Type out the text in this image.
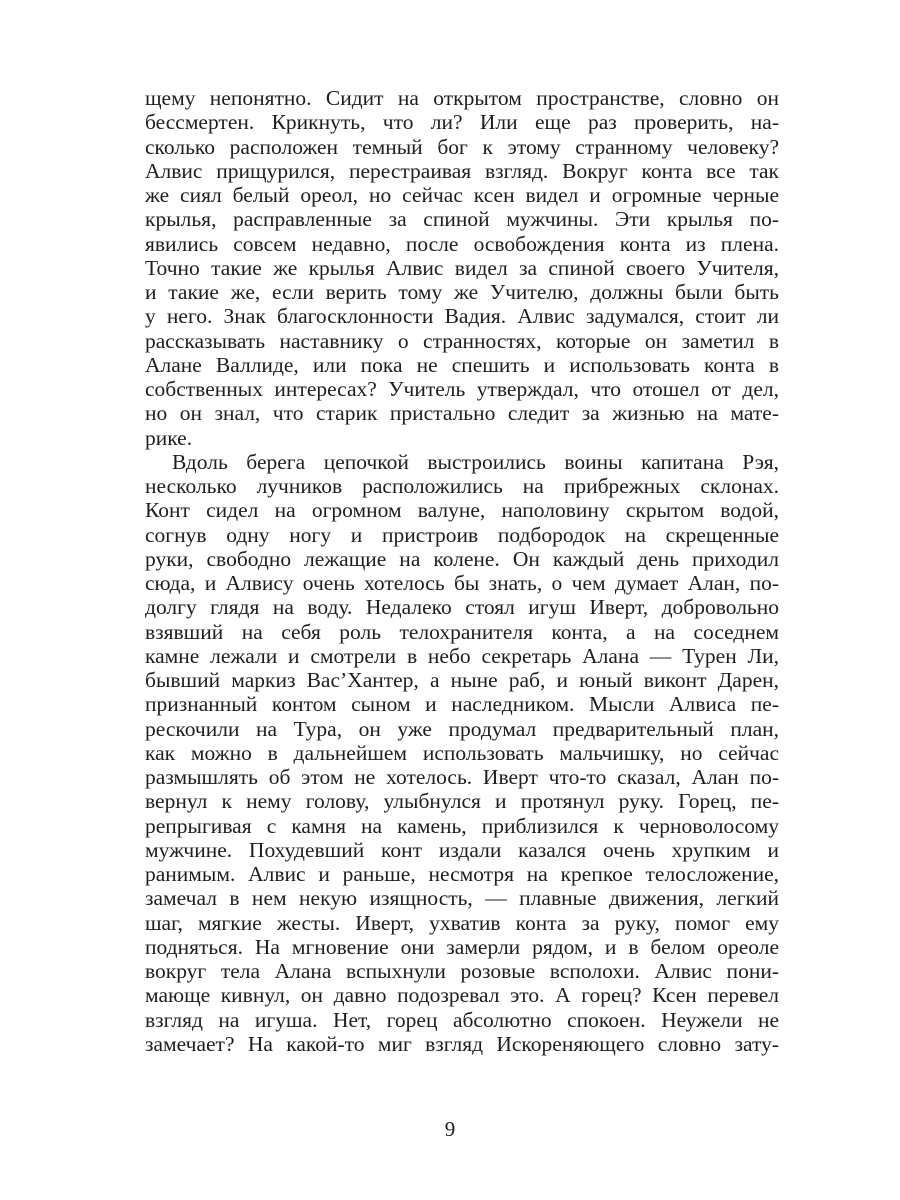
щему непонятно. Сидит на открытом пространстве, словно он
бессмертен. Крикнуть, что ли? Или еще раз проверить, на-
сколько расположен темный бог к этому странному человеку?
Алвис прищурился, перестраивая взгляд. Вокруг конта все так
же сиял белый ореол, но сейчас ксен видел и огромные черные
крылья, расправленные за спиной мужчины. Эти крылья по-
явились совсем недавно, после освобождения конта из плена.
Точно такие же крылья Алвис видел за спиной своего Учителя,
и такие же, если верить тому же Учителю, должны были быть
у него. Знак благосклонности Вадия. Алвис задумался, стоит ли
рассказывать наставнику о странностях, которые он заметил в
Алане Валлиде, или пока не спешить и использовать конта в
собственных интересах? Учитель утверждал, что отошел от дел,
но он знал, что старик пристально следит за жизнью на мате-
рике.
Вдоль берега цепочкой выстроились воины капитана Рэя,
несколько лучников расположились на прибрежных склонах.
Конт сидел на огромном валуне, наполовину скрытом водой,
согнув одну ногу и пристроив подбородок на скрещенные
руки, свободно лежащие на колене. Он каждый день приходил
сюда, и Алвису очень хотелось бы знать, о чем думает Алан, по-
долгу глядя на воду. Недалеко стоял игуш Иверт, добровольно
взявший на себя роль телохранителя конта, а на соседнем
камне лежали и смотрели в небо секретарь Алана — Турен Ли,
бывший маркиз Вас’Хантер, а ныне раб, и юный виконт Дарен,
признанный контом сыном и наследником. Мысли Алвиса пе-
рескочили на Тура, он уже продумал предварительный план,
как можно в дальнейшем использовать мальчишку, но сейчас
размышлять об этом не хотелось. Иверт что-то сказал, Алан по-
вернул к нему голову, улыбнулся и протянул руку. Горец, пе-
репрыгивая с камня на камень, приблизился к черноволосому
мужчине. Похудевший конт издали казался очень хрупким и
ранимым. Алвис и раньше, несмотря на крепкое телосложение,
замечал в нем некую изящность, — плавные движения, легкий
шаг, мягкие жесты. Иверт, ухватив конта за руку, помог ему
подняться. На мгновение они замерли рядом, и в белом ореоле
вокруг тела Алана вспыхнули розовые всполохи. Алвис пони-
мающе кивнул, он давно подозревал это. А горец? Ксен перевел
взгляд на игуша. Нет, горец абсолютно спокоен. Неужели не
замечает? На какой-то миг взгляд Искореняющего словно зату-
9
